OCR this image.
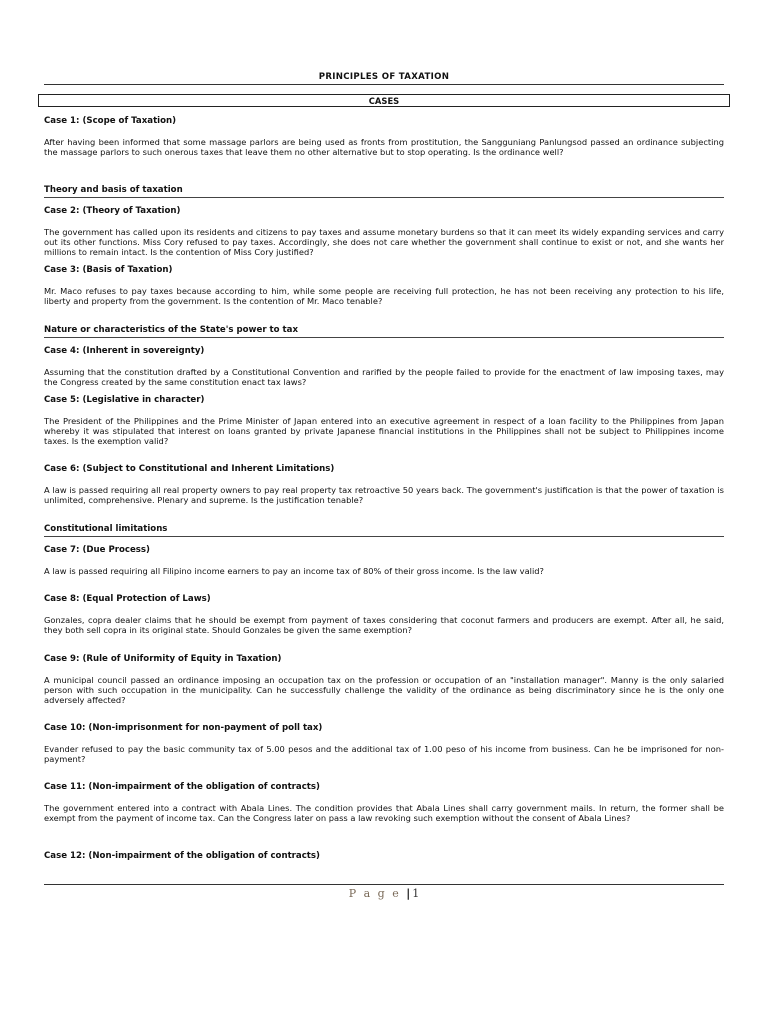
PRINCIPLES OF TAXATION
CASES

Case 1: (Scope of Taxation)

After having been informed that some massage parlors are being used as fronts from prostitution, the Sangguniang Panlungsod passed an ordinance subjecting the massage parlors to such onerous taxes that leave them no other alternative but to stop operating. Is the ordinance well?

Theory and basis of taxation

Case 2: (Theory of Taxation)

The government has called upon its residents and citizens to pay taxes and assume monetary burdens so that it can meet its widely expanding services and carry out its other functions. Miss Cory refused to pay taxes. Accordingly, she does not care whether the government shall continue to exist or not, and she wants her millions to remain intact. Is the contention of Miss Cory justified?

Case 3: (Basis of Taxation)

Mr. Maco refuses to pay taxes because according to him, while some people are receiving full protection, he has not been receiving any protection to his life, liberty and property from the government. Is the contention of Mr. Maco tenable?

Nature or characteristics of the State's power to tax

Case 4: (Inherent in sovereignty)

Assuming that the constitution drafted by a Constitutional Convention and rarified by the people failed to provide for the enactment of law imposing taxes, may the Congress created by the same constitution enact tax laws?

Case 5: (Legislative in character)

The President of the Philippines and the Prime Minister of Japan entered into an executive agreement in respect of a loan facility to the Philippines from Japan whereby it was stipulated that interest on loans granted by private Japanese financial institutions in the Philippines shall not be subject to Philippines income taxes. Is the exemption valid?

Case 6: (Subject to Constitutional and Inherent Limitations)

A law is passed requiring all real property owners to pay real property tax retroactive 50 years back. The government's justification is that the power of taxation is unlimited, comprehensive. Plenary and supreme. Is the justification tenable?

Constitutional limitations

Case 7: (Due Process)

A law is passed requiring all Filipino income earners to pay an income tax of 80% of their gross income. Is the law valid?

Case 8: (Equal Protection of Laws)

Gonzales, copra dealer claims that he should be exempt from payment of taxes considering that coconut farmers and producers are exempt. After all, he said, they both sell copra in its original state. Should Gonzales be given the same exemption?

Case 9: (Rule of Uniformity of Equity in Taxation)

A municipal council passed an ordinance imposing an occupation tax on the profession or occupation of an "installation manager". Manny is the only salaried person with such occupation in the municipality. Can he successfully challenge the validity of the ordinance as being discriminatory since he is the only one adversely affected?

Case 10: (Non-imprisonment for non-payment of poll tax)

Evander refused to pay the basic community tax of 5.00 pesos and the additional tax of 1.00 peso of his income from business. Can he be imprisoned for non-payment?

Case 11: (Non-impairment of the obligation of contracts)

The government entered into a contract with Abala Lines. The condition provides that Abala Lines shall carry government mails. In return, the former shall be exempt from the payment of income tax. Can the Congress later on pass a law revoking such exemption without the consent of Abala Lines?

Case 12: (Non-impairment of the obligation of contracts)

P a g e | 1
